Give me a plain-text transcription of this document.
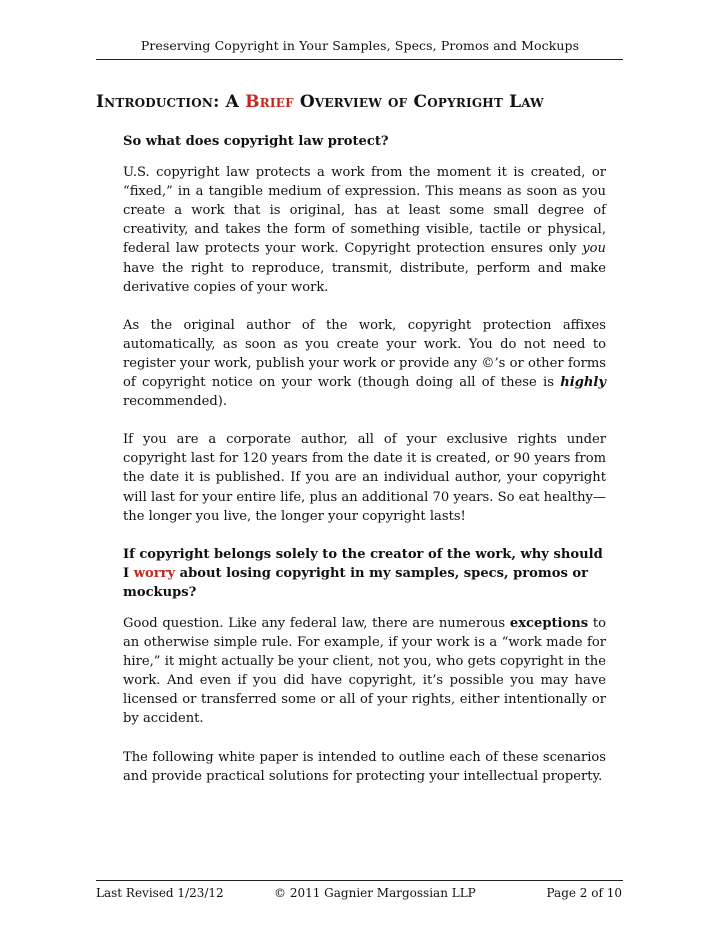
Preserving Copyright in Your Samples, Specs, Promos and Mockups
Introduction: A Brief Overview of Copyright Law

So what does copyright law protect?

U.S. copyright law protects a work from the moment it is created, or “fixed,” in a tangible medium of expression. This means as soon as you create a work that is original, has at least some small degree of creativity, and takes the form of something visible, tactile or physical, federal law protects your work. Copyright protection ensures only you have the right to reproduce, transmit, distribute, perform and make derivative copies of your work.

As the original author of the work, copyright protection affixes automatically, as soon as you create your work. You do not need to register your work, publish your work or provide any ©’s or other forms of copyright notice on your work (though doing all of these is highly recommended).

If you are a corporate author, all of your exclusive rights under copyright last for 120 years from the date it is created, or 90 years from the date it is published. If you are an individual author, your copyright will last for your entire life, plus an additional 70 years. So eat healthy—the longer you live, the longer your copyright lasts!

If copyright belongs solely to the creator of the work, why should I worry about losing copyright in my samples, specs, promos or mockups?

Good question. Like any federal law, there are numerous exceptions to an otherwise simple rule. For example, if your work is a “work made for hire,” it might actually be your client, not you, who gets copyright in the work. And even if you did have copyright, it’s possible you may have licensed or transferred some or all of your rights, either intentionally or by accident.

The following white paper is intended to outline each of these scenarios and provide practical solutions for protecting your intellectual property.

Last Revised 1/23/12	© 2011 Gagnier Margossian LLP	Page 2 of 10
